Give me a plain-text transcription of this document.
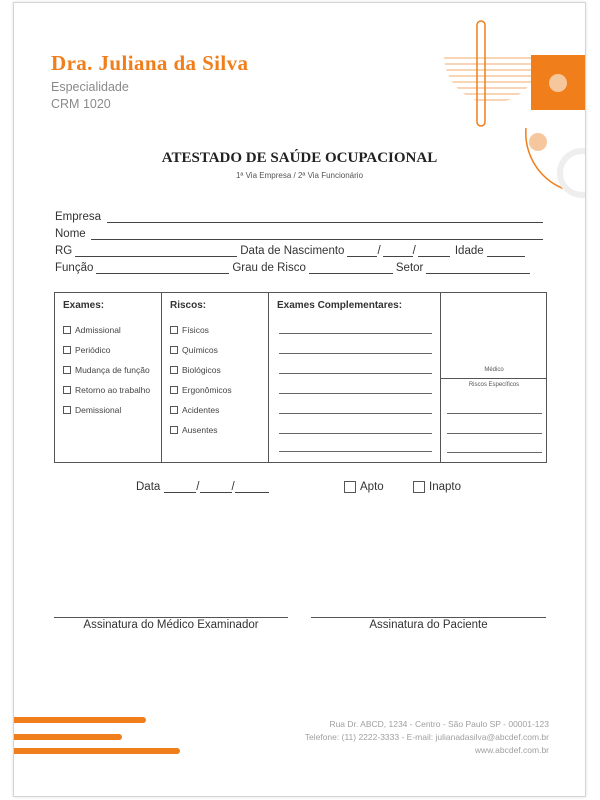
Dra. Juliana da Silva
Especialidade
CRM 1020
ATESTADO DE SAÚDE OCUPACIONAL
1ª Via Empresa / 2ª Via Funcionário
Empresa
Nome
RG	Data de Nascimento	/	/	Idade
Função	Grau de Risco	Setor
Exames:
Admissional
Periódico
Mudança de função
Retorno ao trabalho
Demissional
Riscos:
Físicos
Químicos
Biológicos
Ergonômicos
Acidentes
Ausentes
Exames Complementares:
Médico
Riscos Específicos
Data	/	/	Apto	Inapto
Assinatura do Médico Examinador	Assinatura do Paciente
Rua Dr. ABCD, 1234 - Centro - São Paulo SP - 00001-123
Telefone: (11) 2222-3333 - E-mail: julianadasilva@abcdef.com.br
www.abcdef.com.br
